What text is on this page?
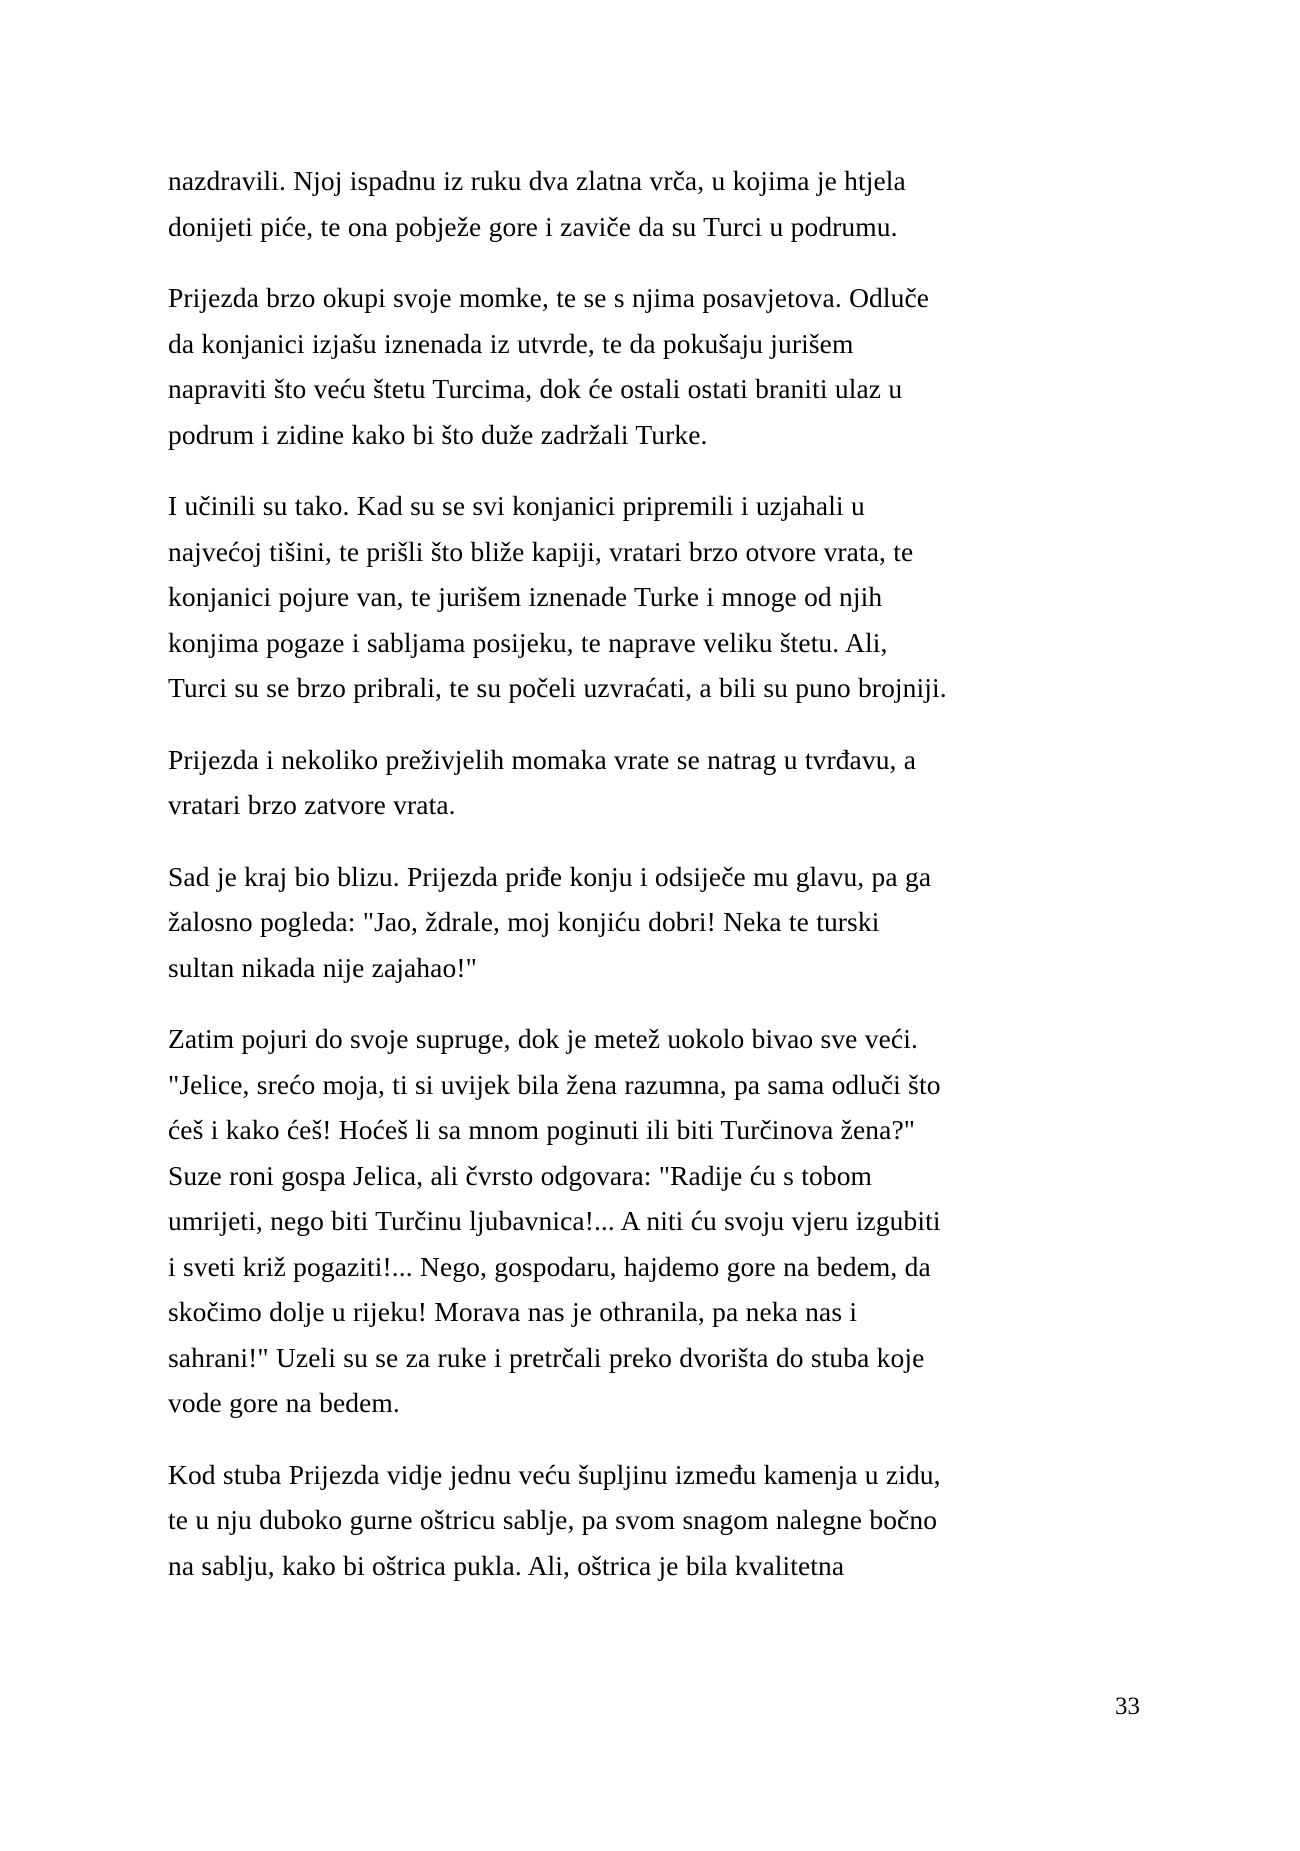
nazdravili. Njoj ispadnu iz ruku dva zlatna vrča, u kojima je htjela donijeti piće, te ona pobježe gore i zaviče da su Turci u podrumu.

Prijezda brzo okupi svoje momke, te se s njima posavjetova. Odluče da konjanici izjašu iznenada iz utvrde, te da pokušaju jurišem napraviti što veću štetu Turcima, dok će ostali ostati braniti ulaz u podrum i zidine kako bi što duže zadržali Turke.

I učinili su tako. Kad su se svi konjanici pripremili i uzjahali u najvećoj tišini, te prišli što bliže kapiji, vratari brzo otvore vrata, te konjanici pojure van, te jurišem iznenade Turke i mnoge od njih konjima pogaze i sabljama posijeku, te naprave veliku štetu. Ali, Turci su se brzo pribrali, te su počeli uzvraćati, a bili su puno brojniji.

Prijezda i nekoliko preživjelih momaka vrate se natrag u tvrđavu, a vratari brzo zatvore vrata.

Sad je kraj bio blizu. Prijezda priđe konju i odsiječe mu glavu, pa ga žalosno pogleda: "Jao, ždrale, moj konjiću dobri! Neka te turski sultan nikada nije zajahao!"

Zatim pojuri do svoje supruge, dok je metež uokolo bivao sve veći. "Jelice, srećo moja, ti si uvijek bila žena razumna, pa sama odluči što ćeš i kako ćeš! Hoćeš li sa mnom poginuti ili biti Turčinova žena?" Suze roni gospa Jelica, ali čvrsto odgovara: "Radije ću s tobom umrijeti, nego biti Turčinu ljubavnica!... A niti ću svoju vjeru izgubiti i sveti križ pogaziti!... Nego, gospodaru, hajdemo gore na bedem, da skočimo dolje u rijeku! Morava nas je othranila, pa neka nas i sahrani!" Uzeli su se za ruke i pretrčali preko dvorišta do stuba koje vode gore na bedem.

Kod stuba Prijezda vidje jednu veću šupljinu između kamenja u zidu, te u nju duboko gurne oštricu sablje, pa svom snagom nalegne bočno na sablju, kako bi oštrica pukla. Ali, oštrica je bila kvalitetna

33
